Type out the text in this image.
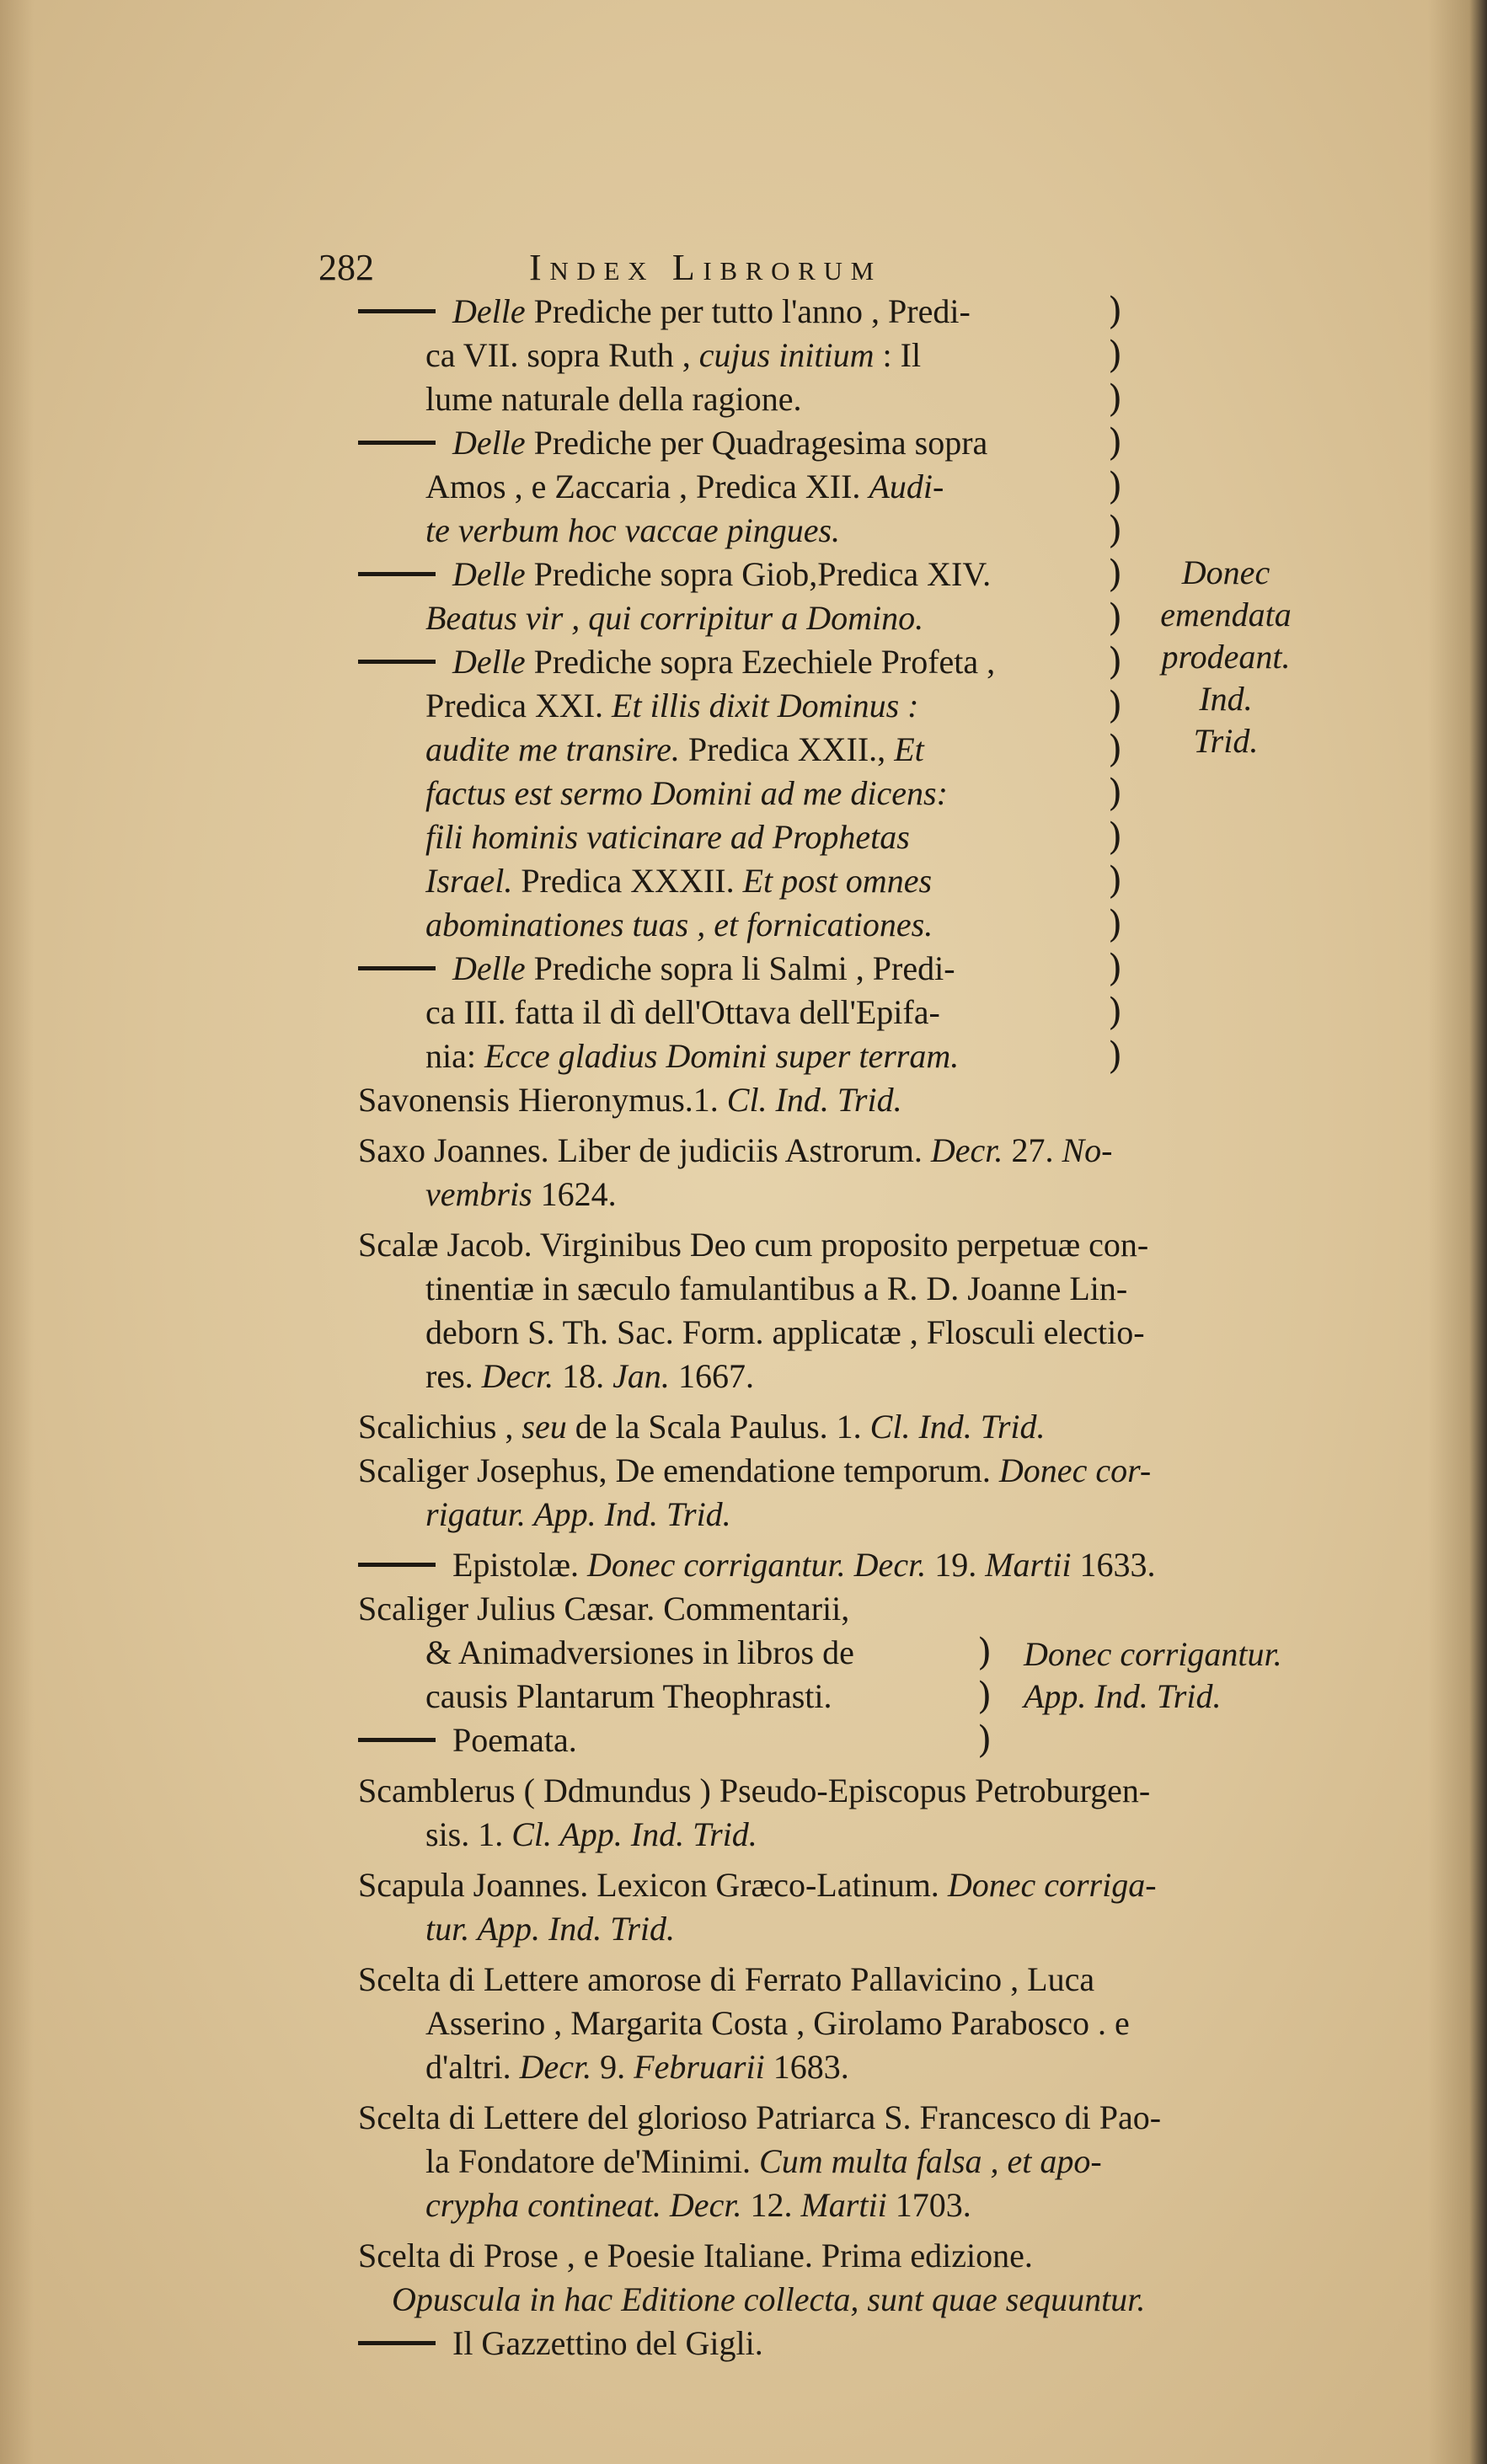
282	Index Librorum
)
)
)
)
)
)
)
)
)
)
)
)
)
)
)
)
)
)
Donec
emendata
prodeant.
Ind.
Trid.
)
)
)
Donec corrigantur.
App. Ind. Trid.
Delle Prediche per tutto l'anno , Predi-
ca VII. sopra Ruth , cujus initium : Il
lume naturale della ragione.
Delle Prediche per Quadragesima sopra
Amos , e Zaccaria , Predica XII. Audi-
te verbum hoc vaccae pingues.
Delle Prediche sopra Giob,Predica XIV.
Beatus vir , qui corripitur a Domino.
Delle Prediche sopra Ezechiele Profeta ,
Predica XXI. Et illis dixit Dominus :
audite me transire. Predica XXII., Et
factus est sermo Domini ad me dicens:
fili hominis vaticinare ad Prophetas
Israel. Predica XXXII. Et post omnes
abominationes tuas , et fornicationes.
Delle Prediche sopra li Salmi , Predi-
ca III. fatta il dì dell'Ottava dell'Epifa-
nia: Ecce gladius Domini super terram.
Savonensis Hieronymus.1. Cl. Ind. Trid.
Saxo Joannes. Liber de judiciis Astrorum. Decr. 27. No-
vembris 1624.
Scalæ Jacob. Virginibus Deo cum proposito perpetuæ con-
tinentiæ in sæculo famulantibus a R. D. Joanne Lin-
deborn S. Th. Sac. Form. applicatæ , Flosculi electio-
res. Decr. 18. Jan. 1667.
Scalichius , seu de la Scala Paulus. 1. Cl. Ind. Trid.
Scaliger Josephus, De emendatione temporum. Donec cor-
rigatur. App. Ind. Trid.
Epistolæ. Donec corrigantur. Decr. 19. Martii 1633.
Scaliger Julius Cæsar. Commentarii,
& Animadversiones in libros de
causis Plantarum Theophrasti.
Poemata.
Scamblerus ( Ddmundus ) Pseudo-Episcopus Petroburgen-
sis. 1. Cl. App. Ind. Trid.
Scapula Joannes. Lexicon Græco-Latinum. Donec corriga-
tur. App. Ind. Trid.
Scelta di Lettere amorose di Ferrato Pallavicino , Luca
Asserino , Margarita Costa , Girolamo Parabosco . e
d'altri. Decr. 9. Februarii 1683.
Scelta di Lettere del glorioso Patriarca S. Francesco di Pao-
la Fondatore de'Minimi. Cum multa falsa , et apo-
crypha contineat. Decr. 12. Martii 1703.
Scelta di Prose , e Poesie Italiane. Prima edizione.
Opuscula in hac Editione collecta, sunt quae sequuntur.
Il Gazzettino del Gigli.
